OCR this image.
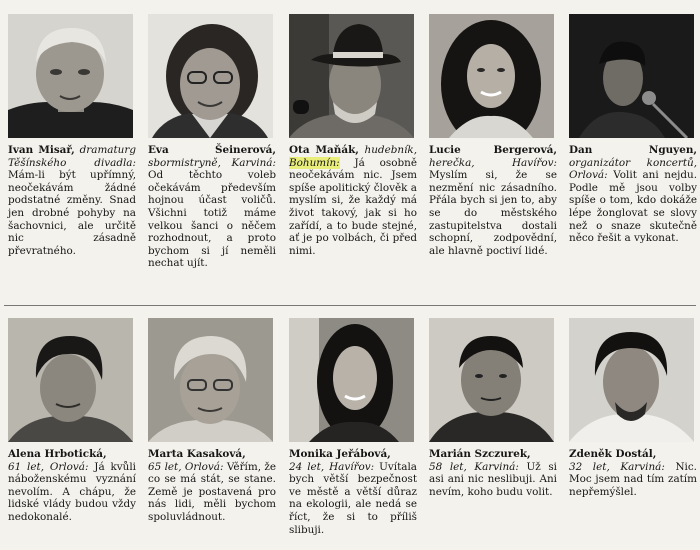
Ivan Misař, dramaturg Těšínského divadla: Mám-li být upřímný, neočekávám žádné podstatné změny. Snad jen drobné pohyby na šachovnici, ale určitě nic zásadně převratného.
Eva Šeinerová, sbormistryně, Karviná: Od těchto voleb očekávám především hojnou účast voličů. Všichni totiž máme velkou šanci o něčem rozhodnout, a proto bychom si jí neměli nechat ujít.
Ota Maňák, hudebník, Bohumín: Já osobně neočekávám nic. Jsem spíše apolitický člověk a myslím si, že každý má život takový, jak si ho zařídí, a to bude stejné, ať je po volbách, či před nimi.
Lucie Bergerová, herečka, Havířov: Myslím si, že se nezmění nic zásadního. Přála bych si jen to, aby se do městského zastupitelstva dostali schopní, zodpovědní, ale hlavně poctiví lidé.
Dan Nguyen, organizátor koncertů, Orlová: Volit ani nejdu. Podle mě jsou volby spíše o tom, kdo dokáže lépe žonglovat se slovy než o snaze skutečně něco řešit a vykonat.
Alena Hrbotická,
61 let, Orlová: Já kvůli náboženskému vyznání nevolím. A chápu, že lidské vlády budou vždy nedokonalé.
Marta Kasaková,
65 let, Orlová: Věřím, že co se má stát, se stane. Země je postavená pro nás lidi, měli bychom spoluvládnout.
Monika Jeřábová,
24 let, Havířov: Uvítala bych větší bezpečnost ve městě a větší důraz na ekologii, ale nedá se říct, že si to příliš slibuji.
Marián Szczurek,
58 let, Karviná: Už si asi ani nic neslibuji. Ani nevím, koho budu volit.
Zdeněk Dostál,
32 let, Karviná: Nic. Moc jsem nad tím zatím nepřemýšlel.
